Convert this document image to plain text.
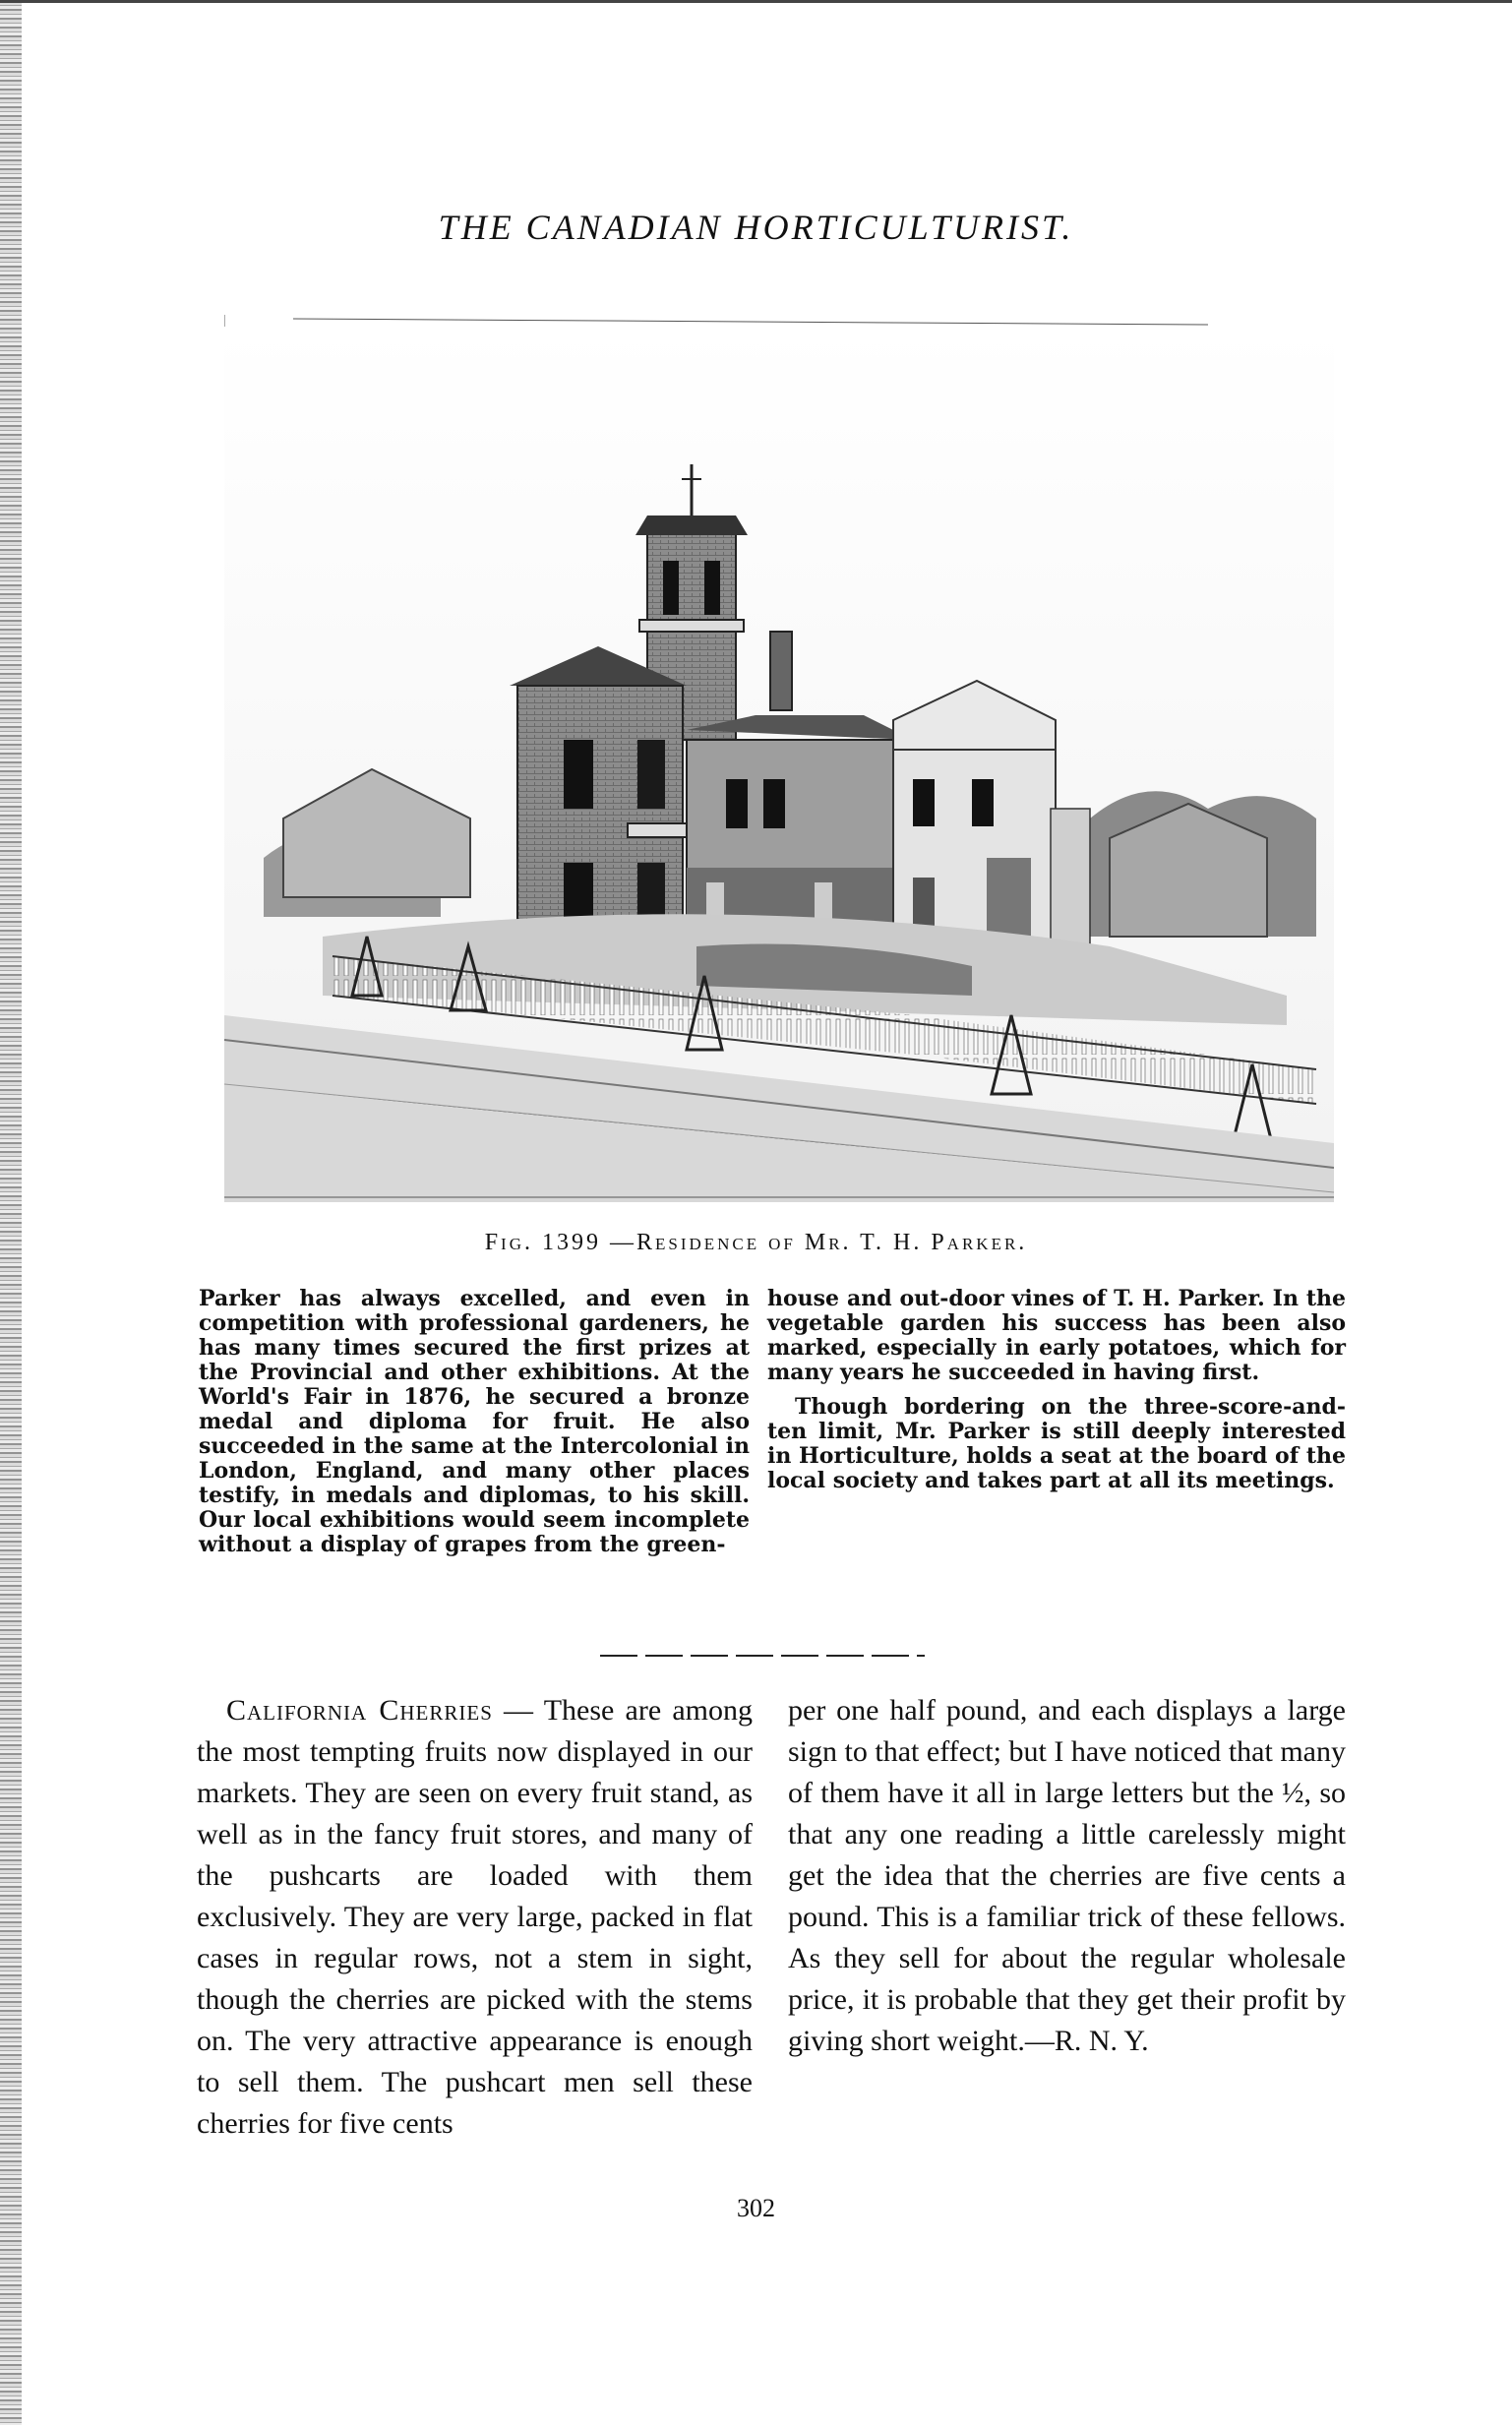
THE CANADIAN HORTICULTURIST.
Fig. 1399 —Residence of Mr. T. H. Parker.

Parker has always excelled, and even in competition with professional gardeners, he has many times secured the first prizes at the Provincial and other exhibitions. At the World's Fair in 1876, he secured a bronze medal and diploma for fruit. He also succeeded in the same at the Intercolonial in London, England, and many other places testify, in medals and diplomas, to his skill. Our local exhibitions would seem incomplete without a display of grapes from the green-

house and out-door vines of T. H. Parker. In the vegetable garden his success has been also marked, especially in early potatoes, which for many years he succeeded in having first.

Though bordering on the three-score-and-ten limit, Mr. Parker is still deeply interested in Horticulture, holds a seat at the board of the local society and takes part at all its meetings.

California Cherries — These are among the most tempting fruits now displayed in our markets. They are seen on every fruit stand, as well as in the fancy fruit stores, and many of the pushcarts are loaded with them exclusively. They are very large, packed in flat cases in regular rows, not a stem in sight, though the cherries are picked with the stems on. The very attractive appearance is enough to sell them. The pushcart men sell these cherries for five cents

per one half pound, and each displays a large sign to that effect; but I have noticed that many of them have it all in large letters but the ½, so that any one reading a little carelessly might get the idea that the cherries are five cents a pound. This is a familiar trick of these fellows. As they sell for about the regular wholesale price, it is probable that they get their profit by giving short weight.—R. N. Y.

302
